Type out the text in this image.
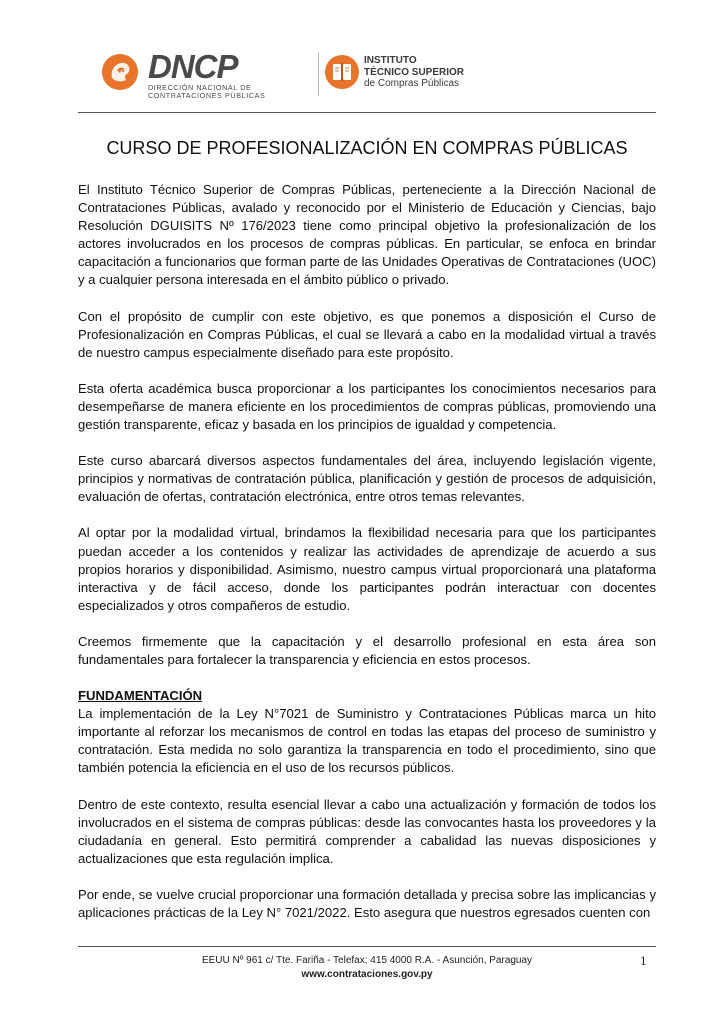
DNCP
DIRECCIÓN NACIONAL DE
CONTRATACIONES PÚBLICAS
INSTITUTO
TÉCNICO SUPERIOR
de Compras Públicas
CURSO DE PROFESIONALIZACIÓN EN COMPRAS PÚBLICAS

El Instituto Técnico Superior de Compras Públicas, perteneciente a la Dirección Nacional de Contrataciones Públicas, avalado y reconocido por el Ministerio de Educación y Ciencias, bajo Resolución DGUISITS Nº 176/2023 tiene como principal objetivo la profesionalización de los actores involucrados en los procesos de compras públicas. En particular, se enfoca en brindar capacitación a funcionarios que forman parte de las Unidades Operativas de Contrataciones (UOC) y a cualquier persona interesada en el ámbito público o privado.

Con el propósito de cumplir con este objetivo, es que ponemos a disposición el Curso de Profesionalización en Compras Públicas, el cual se llevará a cabo en la modalidad virtual a través de nuestro campus especialmente diseñado para este propósito.

Esta oferta académica busca proporcionar a los participantes los conocimientos necesarios para desempeñarse de manera eficiente en los procedimientos de compras públicas, promoviendo una gestión transparente, eficaz y basada en los principios de igualdad y competencia.

Este curso abarcará diversos aspectos fundamentales del área, incluyendo legislación vigente, principios y normativas de contratación pública, planificación y gestión de procesos de adquisición, evaluación de ofertas, contratación electrónica, entre otros temas relevantes.

Al optar por la modalidad virtual, brindamos la flexibilidad necesaria para que los participantes puedan acceder a los contenidos y realizar las actividades de aprendizaje de acuerdo a sus propios horarios y disponibilidad. Asimismo, nuestro campus virtual proporcionará una plataforma interactiva y de fácil acceso, donde los participantes podrán interactuar con docentes especializados y otros compañeros de estudio.

Creemos firmemente que la capacitación y el desarrollo profesional en esta área son fundamentales para fortalecer la transparencia y eficiencia en estos procesos.

FUNDAMENTACIÓN

La implementación de la Ley N°7021 de Suministro y Contrataciones Públicas marca un hito importante al reforzar los mecanismos de control en todas las etapas del proceso de suministro y contratación. Esta medida no solo garantiza la transparencia en todo el procedimiento, sino que también potencia la eficiencia en el uso de los recursos públicos.

Dentro de este contexto, resulta esencial llevar a cabo una actualización y formación de todos los involucrados en el sistema de compras públicas: desde las convocantes hasta los proveedores y la ciudadanía en general. Esto permitirá comprender a cabalidad las nuevas disposiciones y actualizaciones que esta regulación implica.

Por ende, se vuelve crucial proporcionar una formación detallada y precisa sobre las implicancias y aplicaciones prácticas de la Ley N° 7021/2022. Esto asegura que nuestros egresados cuenten con

EEUU Nº 961 c/ Tte. Fariña - Telefax: 415 4000 R.A. - Asunción, Paraguay
www.contrataciones.gov.py
1
